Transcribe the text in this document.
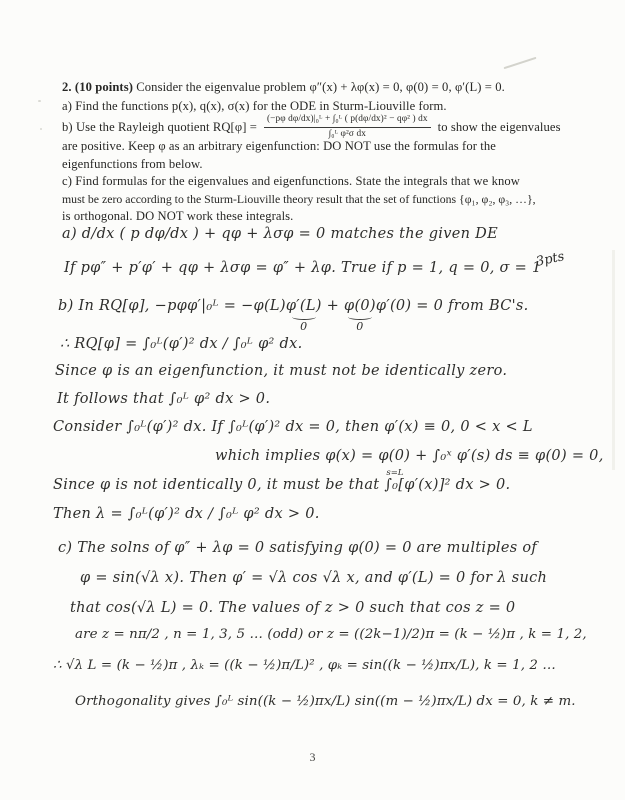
2. (10 points) Consider the eigenvalue problem φ″(x) + λφ(x) = 0, φ(0) = 0, φ′(L) = 0.
a) Find the functions p(x), q(x), σ(x) for the ODE in Sturm-Liouville form.
b) Use the Rayleigh quotient $RQ[\varphi] = \frac{\text{(−pφ dφ/dx)|₀ᴸ + ∫₀ᴸ ( p(dφ/dx)² − qφ² ) dx}}{\text{∫₀ᴸ φ²σ dx}}$ to show the eigenvalues
are positive. Keep φ as an arbitrary eigenfunction: DO NOT use the formulas for the
eigenfunctions from below.
c) Find formulas for the eigenvalues and eigenfunctions. State the integrals that we know
must be zero according to the Sturm-Liouville theory result that the set of functions {φ₁, φ₂, φ₃, …},
is orthogonal. DO NOT work these integrals.
a) d/dx ( p dφ/dx ) + qφ + λσφ = 0 matches the given DE
If pφ″ + p′φ′ + qφ + λσφ = φ″ + λφ. True if p = 1, q = 0, σ = 1
3pts
b) In RQ[φ], −pφφ′|₀ᴸ = −φ(L)φ′(L)
0
+ φ(0)
0
φ′(0) = 0 from BC's.
∴ RQ[φ] = ∫₀ᴸ(φ′)² dx ∕ ∫₀ᴸ φ² dx.
Since φ is an eigenfunction, it must not be identically zero.
It follows that ∫₀ᴸ φ² dx > 0.
Consider ∫₀ᴸ(φ′)² dx. If ∫₀ᴸ(φ′)² dx = 0, then φ′(x) ≡ 0, 0 < x < L
which implies φ(x) = φ(0) + ∫₀ˣ φ′(s) ds ≡ φ(0) = 0,
Since φ is not identically 0, it must be that
s=L
∫₀[φ′(x)]² dx > 0.
Then λ = ∫₀ᴸ(φ′)² dx ∕ ∫₀ᴸ φ² dx > 0.
c) The solns of φ″ + λφ = 0 satisfying φ(0) = 0 are multiples of
φ = sin(√λ x). Then φ′ = √λ cos √λ x, and φ′(L) = 0 for λ such
that cos(√λ L) = 0. The values of z > 0 such that cos z = 0
are z = nπ/2 , n = 1, 3, 5 … (odd) or z = ((2k−1)/2)π = (k − ½)π , k = 1, 2,
∴ √λ L = (k − ½)π , λₖ = ((k − ½)π/L)² , φₖ = sin((k − ½)πx/L), k = 1, 2 …
Orthogonality gives ∫₀ᴸ sin((k − ½)πx/L) sin((m − ½)πx/L) dx = 0, k ≠ m.
3
